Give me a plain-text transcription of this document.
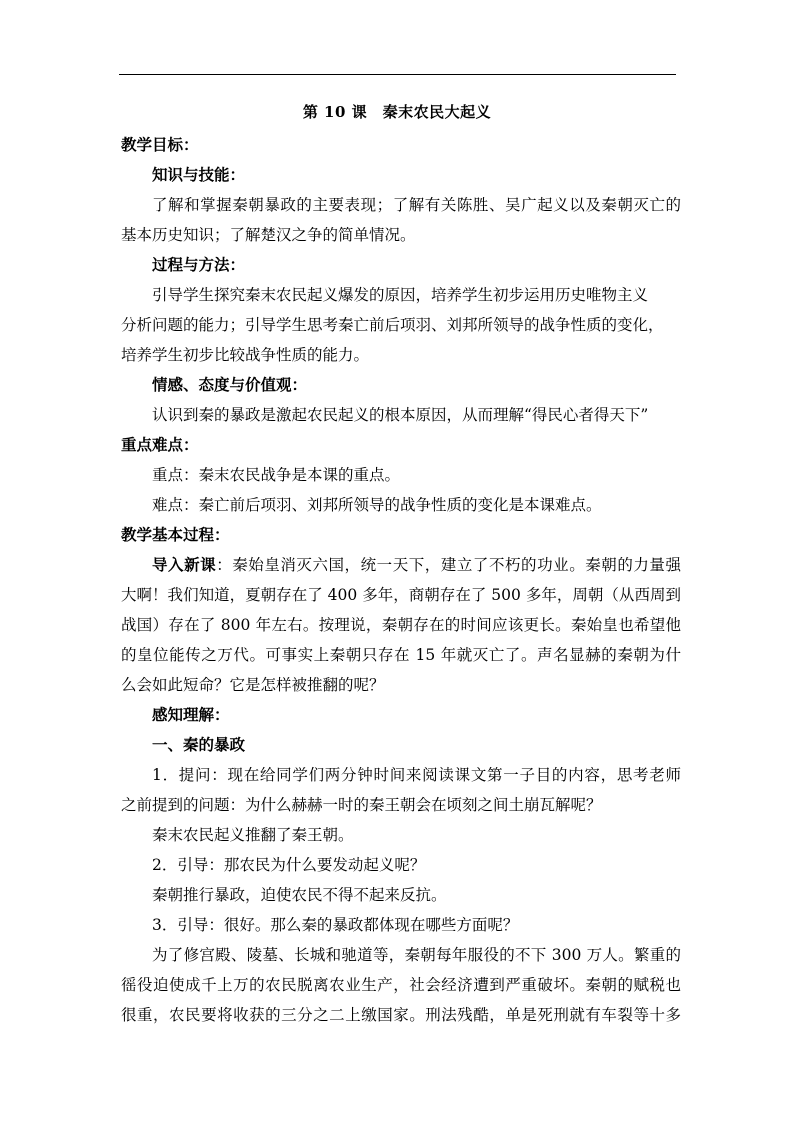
第 10 课　秦末农民大起义
教学目标：
知识与技能：
了解和掌握秦朝暴政的主要表现；了解有关陈胜、吴广起义以及秦朝灭亡的
基本历史知识；了解楚汉之争的简单情况。
过程与方法：
引导学生探究秦末农民起义爆发的原因，培养学生初步运用历史唯物主义
分析问题的能力；引导学生思考秦亡前后项羽、刘邦所领导的战争性质的变化，
培养学生初步比较战争性质的能力。
情感、态度与价值观：
认识到秦的暴政是激起农民起义的根本原因，从而理解“得民心者得天下”
重点难点：
重点：秦末农民战争是本课的重点。
难点：秦亡前后项羽、刘邦所领导的战争性质的变化是本课难点。
教学基本过程：
导入新课：秦始皇消灭六国，统一天下，建立了不朽的功业。秦朝的力量强
大啊！我们知道，夏朝存在了 400 多年，商朝存在了 500 多年，周朝（从西周到
战国）存在了 800 年左右。按理说，秦朝存在的时间应该更长。秦始皇也希望他
的皇位能传之万代。可事实上秦朝只存在 15 年就灭亡了。声名显赫的秦朝为什
么会如此短命？它是怎样被推翻的呢？
感知理解：
一、秦的暴政
1．提问：现在给同学们两分钟时间来阅读课文第一子目的内容，思考老师
之前提到的问题：为什么赫赫一时的秦王朝会在顷刻之间土崩瓦解呢？
秦末农民起义推翻了秦王朝。
2．引导：那农民为什么要发动起义呢？
秦朝推行暴政，迫使农民不得不起来反抗。
3．引导：很好。那么秦的暴政都体现在哪些方面呢？
为了修宫殿、陵墓、长城和驰道等，秦朝每年服役的不下 300 万人。繁重的
徭役迫使成千上万的农民脱离农业生产，社会经济遭到严重破坏。秦朝的赋税也
很重，农民要将收获的三分之二上缴国家。刑法残酷，单是死刑就有车裂等十多
